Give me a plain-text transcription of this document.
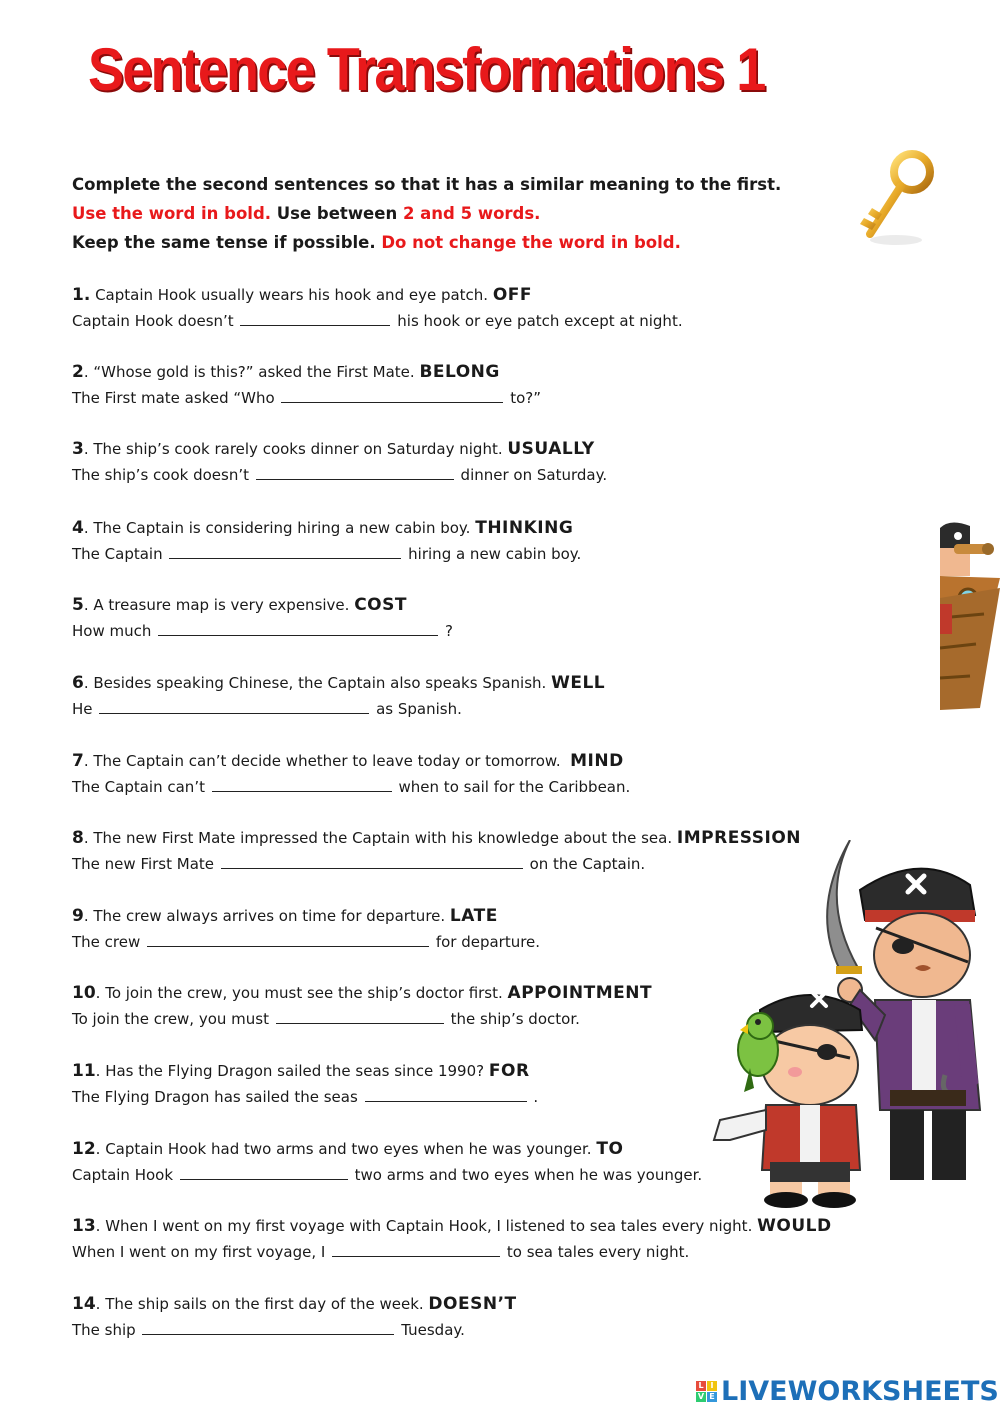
Sentence Transformations 1

Complete the second sentences so that it has a similar meaning to the first.

Use the word in bold. Use between 2 and 5 words.

Keep the same tense if possible. Do not change the word in bold.

1. Captain Hook usually wears his hook and eye patch. OFF
Captain Hook doesn’t	his hook or eye patch except at night.
2. “Whose gold is this?” asked the First Mate. BELONG
The First mate asked “Who	to?”
3. The ship’s cook rarely cooks dinner on Saturday night. USUALLY
The ship’s cook doesn’t	dinner on Saturday.
4. The Captain is considering hiring a new cabin boy. THINKING
The Captain	hiring a new cabin boy.
5. A treasure map is very expensive. COST
How much	?
6. Besides speaking Chinese, the Captain also speaks Spanish. WELL
He	as Spanish.
7. The Captain can’t decide whether to leave today or tomorrow.  MIND
The Captain can’t	when to sail for the Caribbean.
8. The new First Mate impressed the Captain with his knowledge about the sea. IMPRESSION
The new First Mate	on the Captain.
9. The crew always arrives on time for departure. LATE
The crew	for departure.
10. To join the crew, you must see the ship’s doctor first. APPOINTMENT
To join the crew, you must	the ship’s doctor.
11. Has the Flying Dragon sailed the seas since 1990? FOR
The Flying Dragon has sailed the seas	.
12. Captain Hook had two arms and two eyes when he was younger. TO
Captain Hook	two arms and two eyes when he was younger.
13. When I went on my first voyage with Captain Hook, I listened to sea tales every night. WOULD
When I went on my first voyage, I	to sea tales every night.
14. The ship sails on the first day of the week. DOESN’T
The ship	Tuesday.
L I
V E LIVEWORKSHEETS
